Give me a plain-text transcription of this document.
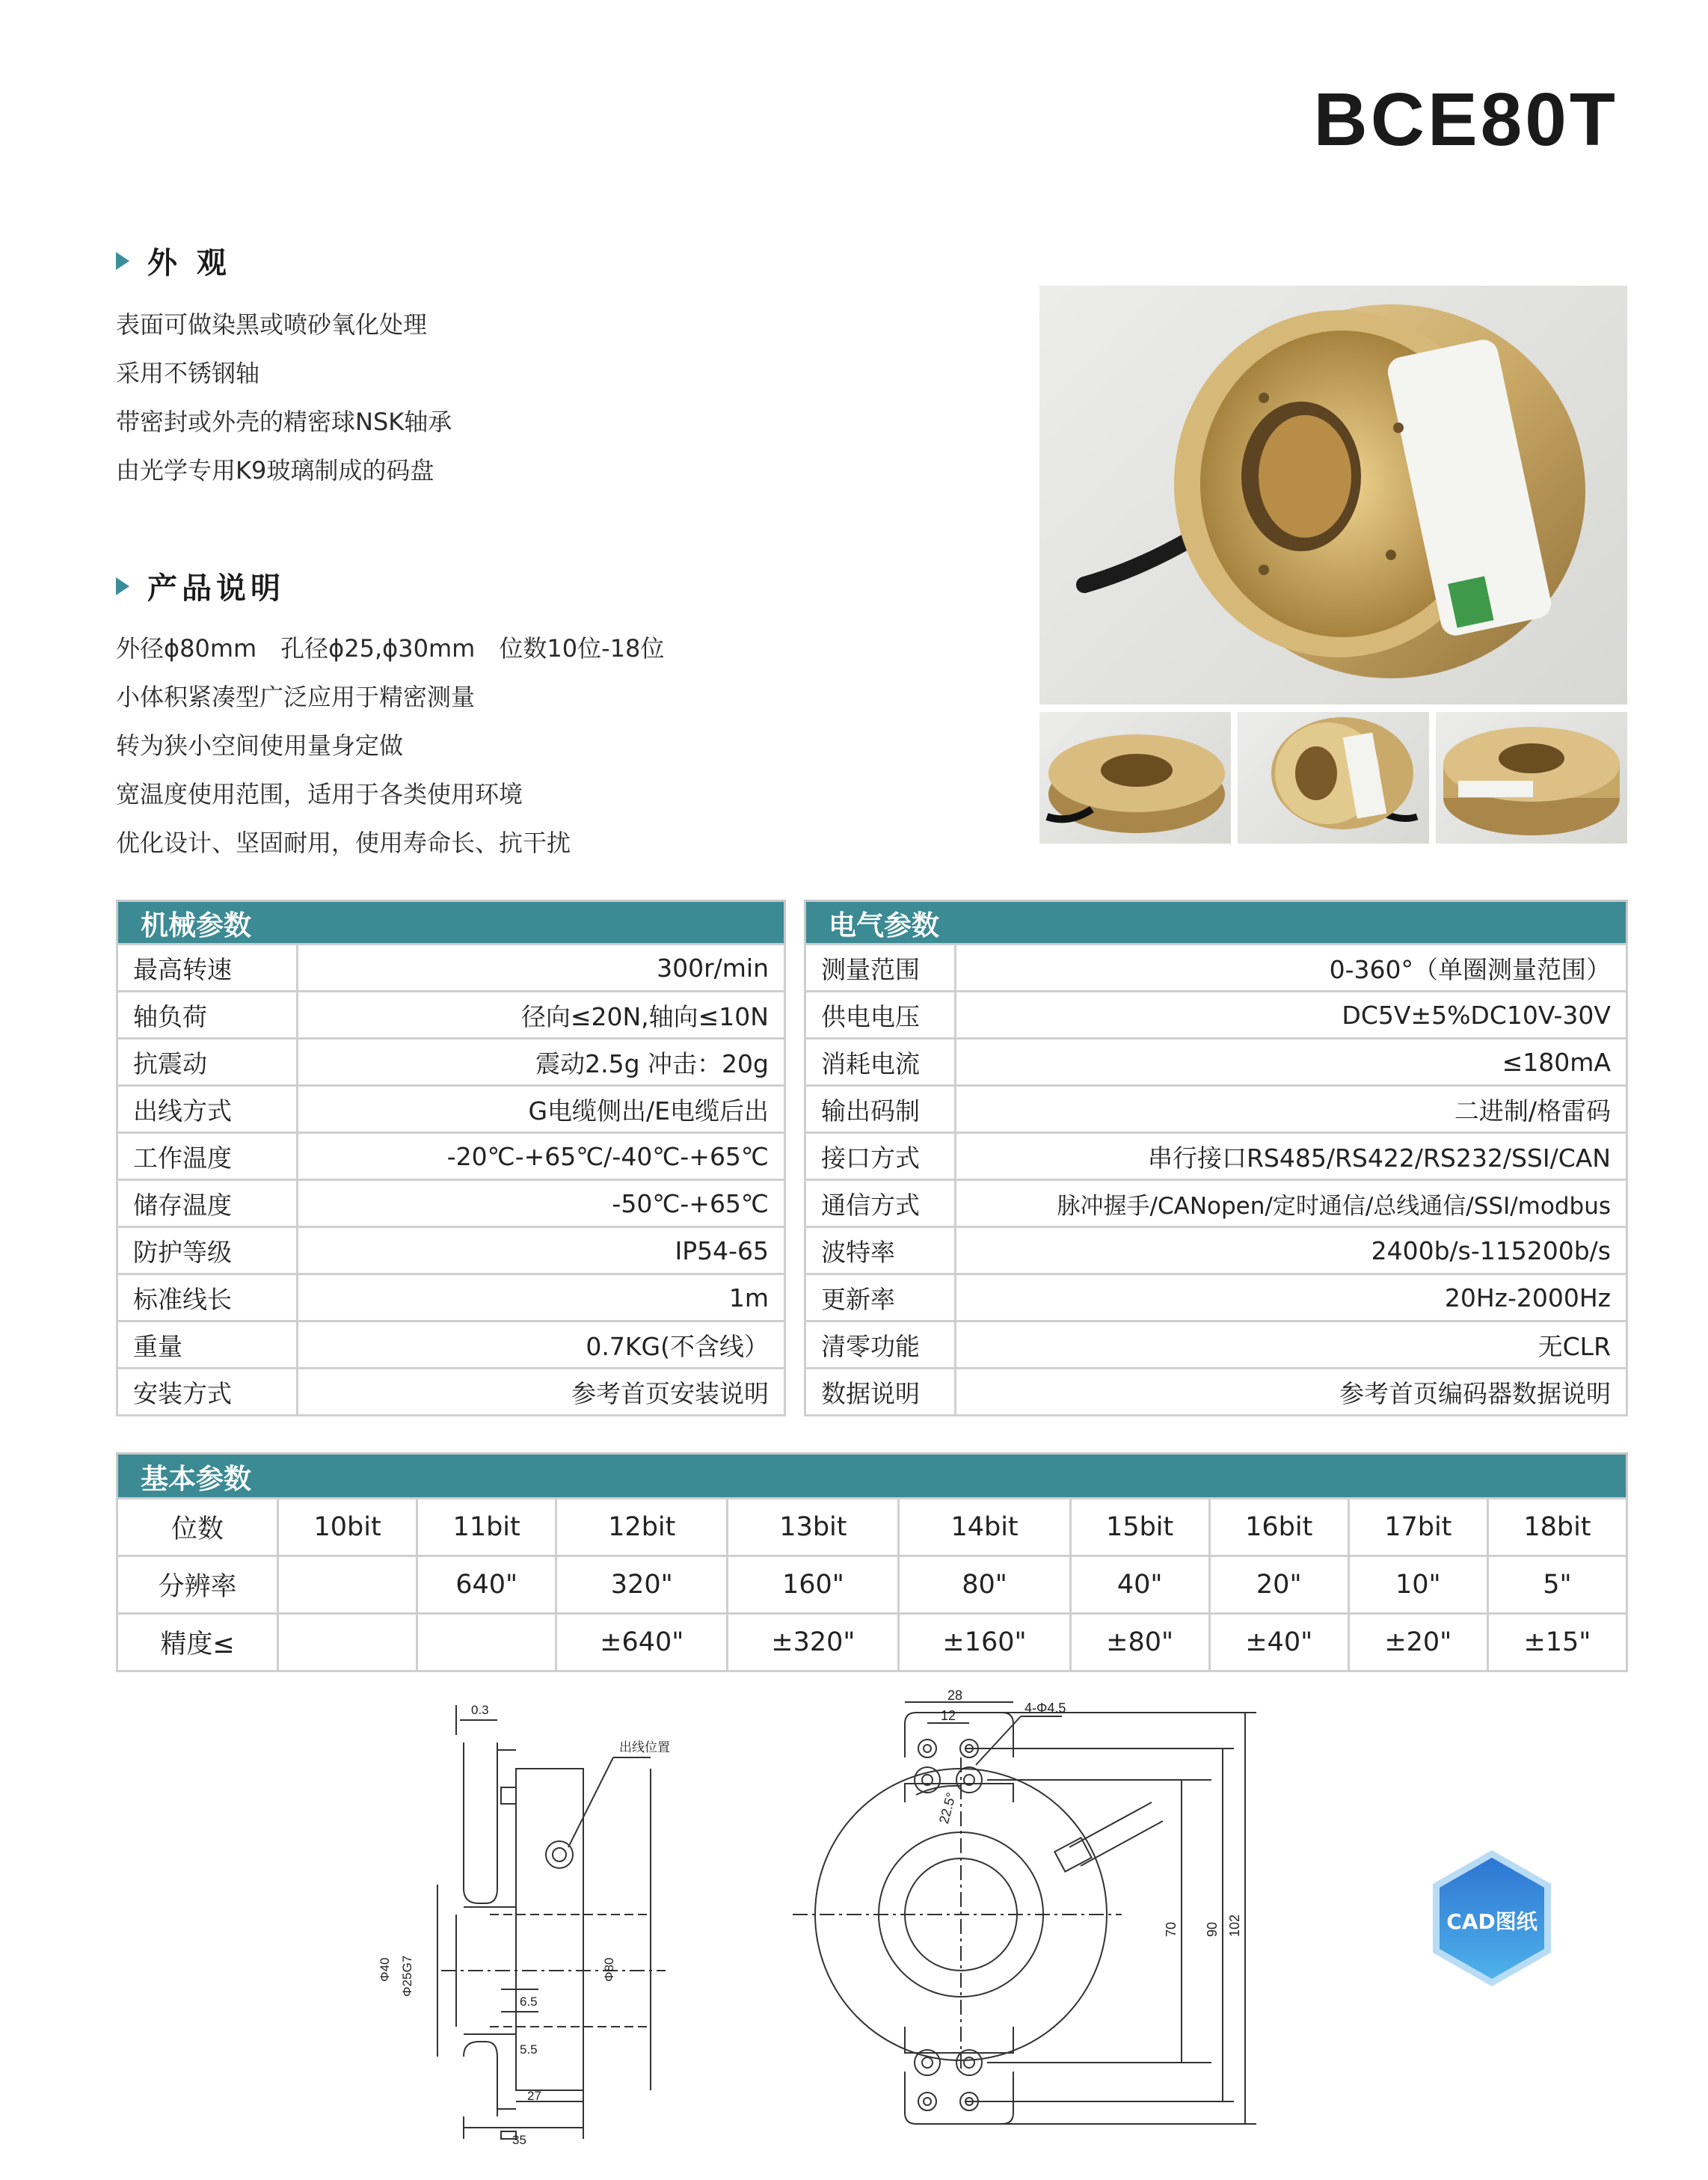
BCE80T
外 观
表面可做染黑或喷砂氧化处理
采用不锈钢轴
带密封或外壳的精密球NSK轴承
由光学专用K9玻璃制成的码盘
产品说明
外径ϕ80mm　孔径ϕ25,ϕ30mm　位数10位-18位
小体积紧凑型广泛应用于精密测量
转为狭小空间使用量身定做
宽温度使用范围，适用于各类使用环境
优化设计、坚固耐用，使用寿命长、抗干扰
机械参数	
最高转速	300r/min
轴负荷	径向≤20N,轴向≤10N
抗震动	震动2.5g 冲击：20g
出线方式	G电缆侧出/E电缆后出
工作温度	-20℃-+65℃/-40℃-+65℃
储存温度	-50℃-+65℃
防护等级	IP54-65
标准线长	1m
重量	0.7KG(不含线）
安装方式	参考首页安装说明
电气参数	
测量范围	0-360°（单圈测量范围）
供电电压	DC5V±5%DC10V-30V
消耗电流	≤180mA
输出码制	二进制/格雷码
接口方式	串行接口RS485/RS422/RS232/SSI/CAN
通信方式	脉冲握手/CANopen/定时通信/总线通信/SSI/modbus
波特率	2400b/s-115200b/s
更新率	20Hz-2000Hz
清零功能	无CLR
数据说明	参考首页编码器数据说明
基本参数									
位数	10bit	11bit	12bit	13bit	14bit	15bit	16bit	17bit	18bit
分辨率		640"	320"	160"	80"	40"	20"	10"	5"
精度≤			±640"	±320"	±160"	±80"	±40"	±20"	±15"
0.3
出线位置
Φ40 Φ25G7	Φ80
6.5
5.5
27
35
28
12	4-Φ4.5
22.5°
70 90 102	CAD图纸
